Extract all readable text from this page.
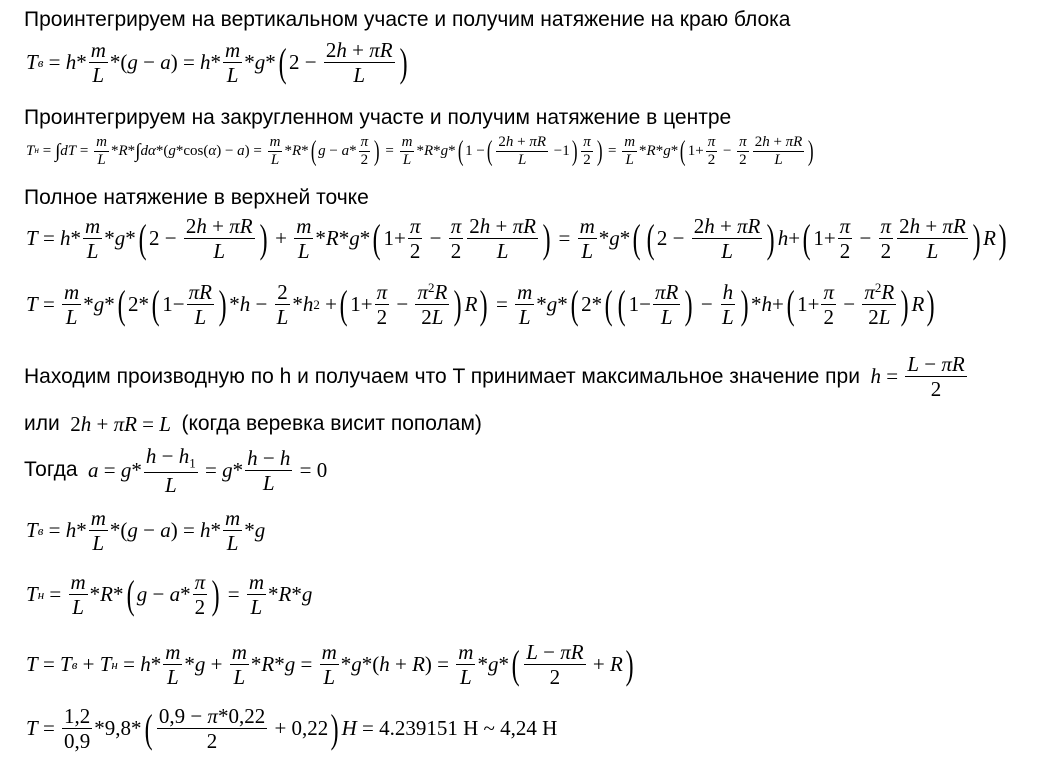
Проинтегрируем на вертикальном участе и получим натяжение на краю блока
T $в = h * \frac{m}{L}$ *( g − a ) = h * $\frac{m}{L}$ * g * ( $2 - \frac{2h + \pi R}{L}$ )
Проинтегрируем на закругленном участе и получим натяжение в центре
T н = ∫ dT = $\frac{m}{L}$ * R * ∫ dα *( g *cos( α ) − a ) = $\frac{m}{L}$ * R * ( $g - a * \frac{\pi}{2}$ ) = $\frac{m}{L}$ * R * g * ( 1 − ( $\frac{2h + \pi R}{L} -1$ ) $\frac{\pi}{2}$ ) = $\frac{m}{L}$ * R * g * ( $1+ \frac{\pi}{2} - \frac{\pi}{2} \frac{2h + \pi R}{L}$ )
Полное натяжение в верхней точке
$T = h * \frac{m}{L} * g$ * ( $2 - \frac{2h + \pi R}{L}$ ) + $\frac{m}{L}$ * R * g * ( $1+ \frac{\pi}{2} - \frac{\pi}{2} \frac{2h + \pi R}{L}$ ) = $\frac{m}{L}$ * g * ( ( $2 - \frac{2h + \pi R}{L}$ ) h + ( $1+ \frac{\pi}{2} - \frac{\pi}{2} \frac{2h + \pi R}{L}$ ) R )
$T = \frac{m}{L} * g$ * ( 2* ( $1- \frac{\pi R}{L}$ ) * $h - \frac{2}{L} * h$ 2 + ( $1+ \frac{\pi}{2} - \frac{\pi^2R}{2L}$ ) R ) = $\frac{m}{L}$ * g * ( 2* ( ( $1- \frac{\pi R}{L}$ ) − $\frac{h}{L}$ ) * h + ( $1+ \frac{\pi}{2} - \frac{\pi^2R}{2L}$ ) R )
Находим производную по h и получаем что T принимает максимальное значение при
$h = \frac{L - \pi R}{2}$
или 2 h + πR = L
(когда веревка висит пополам)
Тогда
$a = g * \frac{h - h_1}{L} = g * \frac{h - h}{L} = 0$
T $в = h * \frac{m}{L}$ *( g − a ) = h * $\frac{m}{L}$ * g
T $н = \frac{m}{L} * R$ * ( $g - a * \frac{\pi}{2}$ ) = $\frac{m}{L}$ * R * g
T = T в + T $н = h * \frac{m}{L} * g + \frac{m}{L} * R * g = \frac{m}{L} * g$ *( h + R ) = $\frac{m}{L}$ * g * ( $\frac{L - \pi R}{2} + R$ )
$T = \frac{1,2}{0,9} * 9,8$ * ( $\frac{0,9 - \pi*0,22}{2} + 0,22$ ) H = 4.239151
Н
~ 4,24
Н
